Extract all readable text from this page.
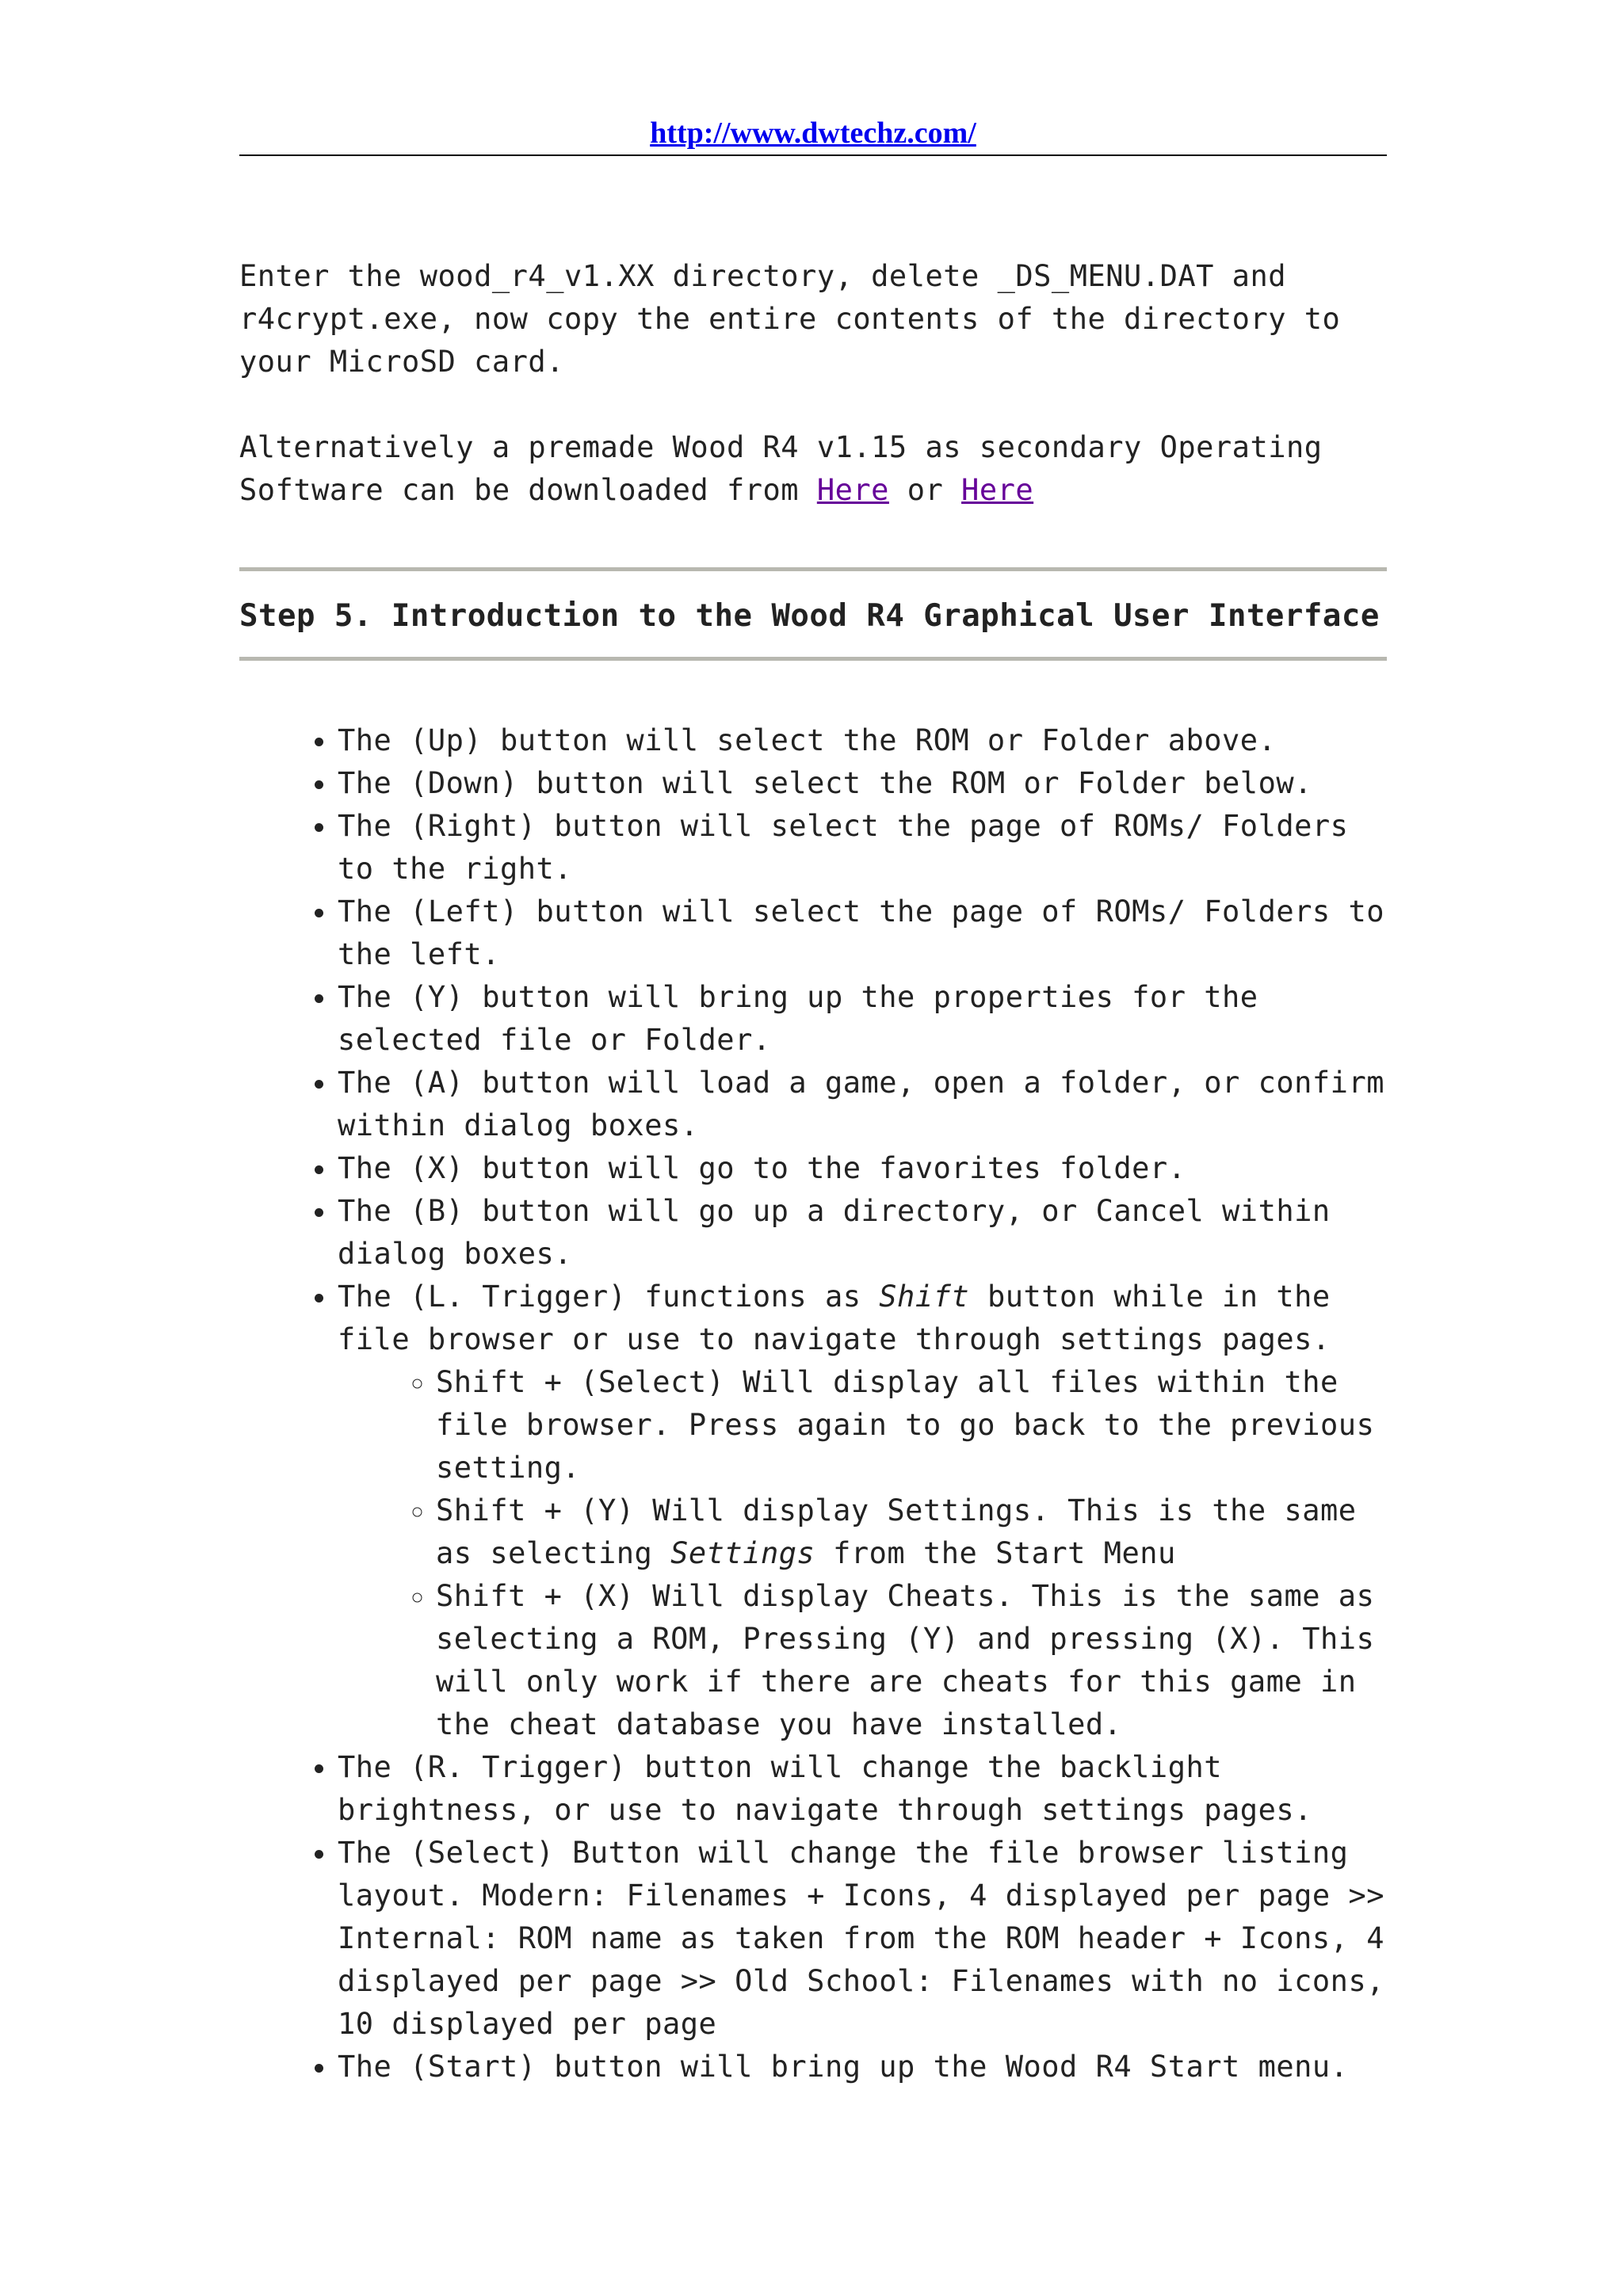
http://www.dwtechz.com/

Enter the wood_r4_v1.XX directory, delete _DS_MENU.DAT and r4crypt.exe, now copy the entire contents of the directory to your MicroSD card.

Alternatively a premade Wood R4 v1.15 as secondary Operating Software can be downloaded from Here or Here

Step 5. Introduction to the Wood R4 Graphical User Interface
• The (Up) button will select the ROM or Folder above.
• The (Down) button will select the ROM or Folder below.
• The (Right) button will select the page of ROMs/ Folders to the right.
• The (Left) button will select the page of ROMs/ Folders to the left.
• The (Y) button will bring up the properties for the selected file or Folder.
• The (A) button will load a game, open a folder, or confirm within dialog boxes.
• The (X) button will go to the favorites folder.
• The (B) button will go up a directory, or Cancel within dialog boxes.
• The (L. Trigger) functions as Shift button while in the file browser or use to navigate through settings pages.
◦ Shift + (Select) Will display all files within the file browser. Press again to go back to the previous setting.
◦ Shift + (Y) Will display Settings. This is the same as selecting Settings from the Start Menu
◦ Shift + (X) Will display Cheats. This is the same as selecting a ROM, Pressing (Y) and pressing (X). This will only work if there are cheats for this game in the cheat database you have installed.
• The (R. Trigger) button will change the backlight brightness, or use to navigate through settings pages.
• The (Select) Button will change the file browser listing layout. Modern: Filenames + Icons, 4 displayed per page >> Internal: ROM name as taken from the ROM header + Icons, 4 displayed per page >> Old School: Filenames with no icons, 10 displayed per page
• The (Start) button will bring up the Wood R4 Start menu.
